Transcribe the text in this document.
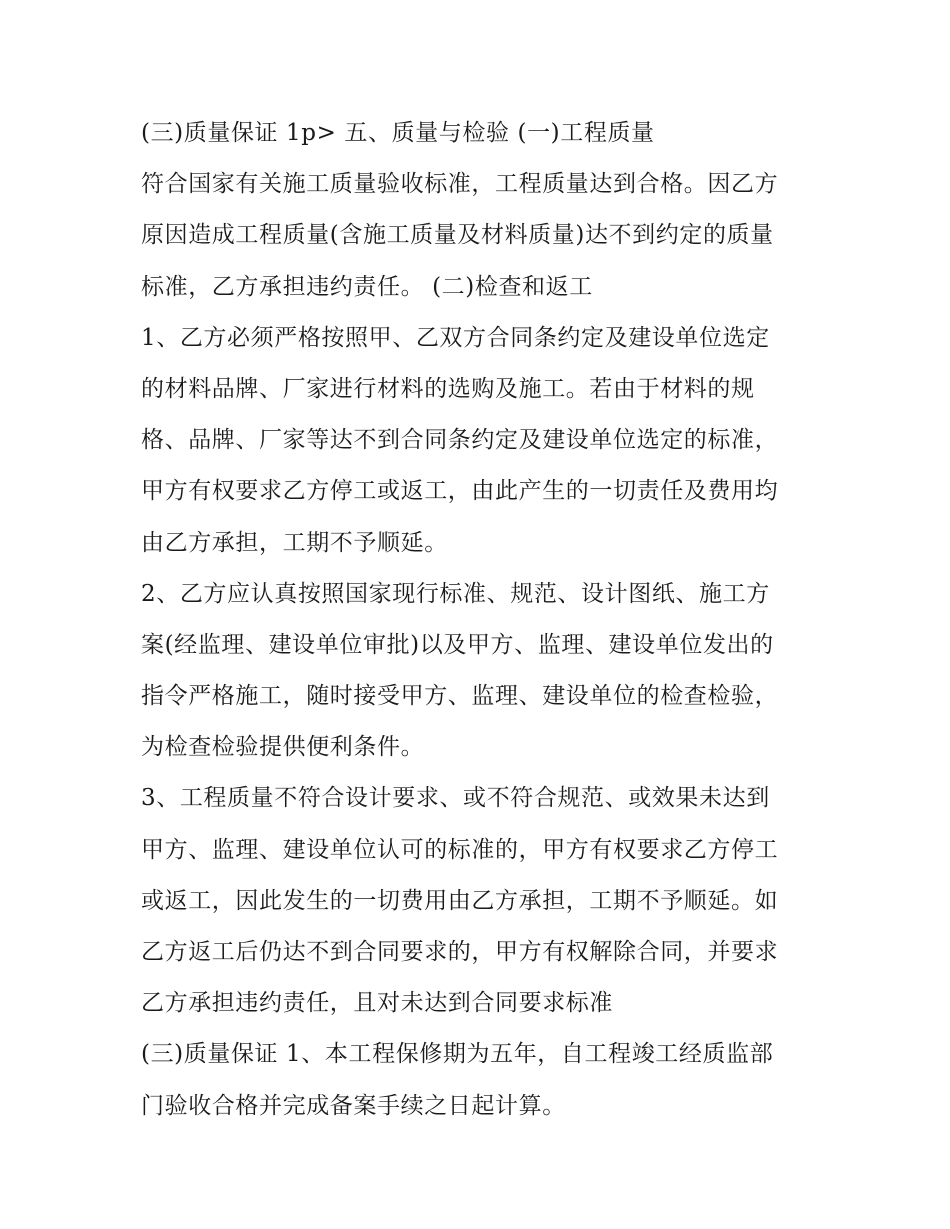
(三)质量保证 1p> 五、质量与检验 (一)工程质量
符合国家有关施工质量验收标准，工程质量达到合格。因乙方
原因造成工程质量(含施工质量及材料质量)达不到约定的质量
标准，乙方承担违约责任。 (二)检查和返工
1、乙方必须严格按照甲、乙双方合同条约定及建设单位选定
的材料品牌、厂家进行材料的选购及施工。若由于材料的规
格、品牌、厂家等达不到合同条约定及建设单位选定的标准，
甲方有权要求乙方停工或返工，由此产生的一切责任及费用均
由乙方承担，工期不予顺延。
2、乙方应认真按照国家现行标准、规范、设计图纸、施工方
案(经监理、建设单位审批)以及甲方、监理、建设单位发出的
指令严格施工，随时接受甲方、监理、建设单位的检查检验，
为检查检验提供便利条件。
3、工程质量不符合设计要求、或不符合规范、或效果未达到
甲方、监理、建设单位认可的标准的，甲方有权要求乙方停工
或返工，因此发生的一切费用由乙方承担，工期不予顺延。如
乙方返工后仍达不到合同要求的，甲方有权解除合同，并要求
乙方承担违约责任，且对未达到合同要求标准
(三)质量保证 1、本工程保修期为五年，自工程竣工经质监部
门验收合格并完成备案手续之日起计算。
